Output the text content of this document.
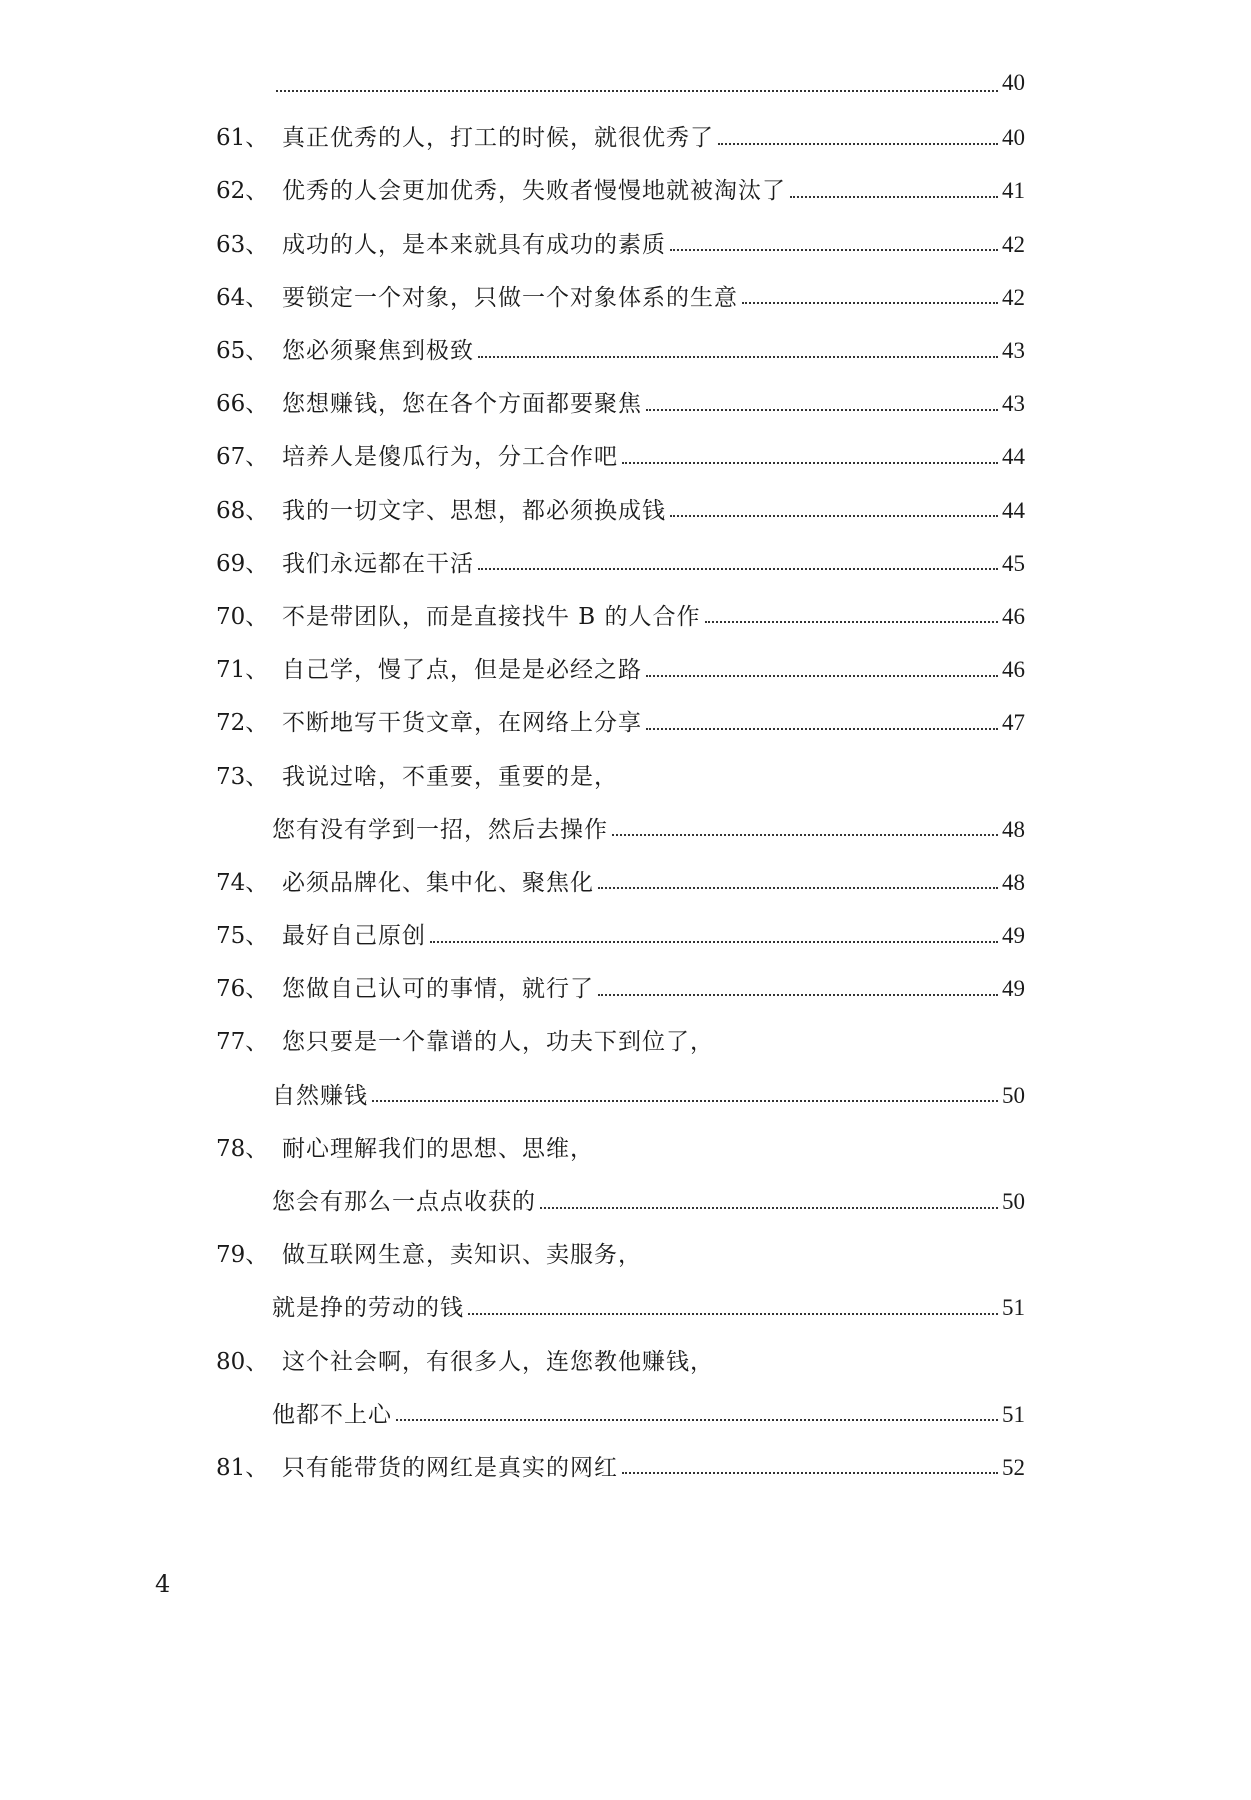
40
61、 真正优秀的人，打工的时候，就很优秀了	40
62、 优秀的人会更加优秀，失败者慢慢地就被淘汰了	41
63、 成功的人，是本来就具有成功的素质	42
64、 要锁定一个对象，只做一个对象体系的生意	42
65、 您必须聚焦到极致	43
66、 您想赚钱，您在各个方面都要聚焦	43
67、 培养人是傻瓜行为，分工合作吧	44
68、 我的一切文字、思想，都必须换成钱	44
69、 我们永远都在干活	45
70、 不是带团队，而是直接找牛 B 的人合作	46
71、 自己学，慢了点，但是是必经之路	46
72、 不断地写干货文章，在网络上分享	47
73、 我说过啥，不重要，重要的是，
您有没有学到一招，然后去操作	48
74、 必须品牌化、集中化、聚焦化	48
75、 最好自己原创	49
76、 您做自己认可的事情，就行了	49
77、 您只要是一个靠谱的人，功夫下到位了，
自然赚钱	50
78、 耐心理解我们的思想、思维，
您会有那么一点点收获的	50
79、 做互联网生意，卖知识、卖服务，
就是挣的劳动的钱	51
80、 这个社会啊，有很多人，连您教他赚钱，
他都不上心	51
81、 只有能带货的网红是真实的网红	52
4
